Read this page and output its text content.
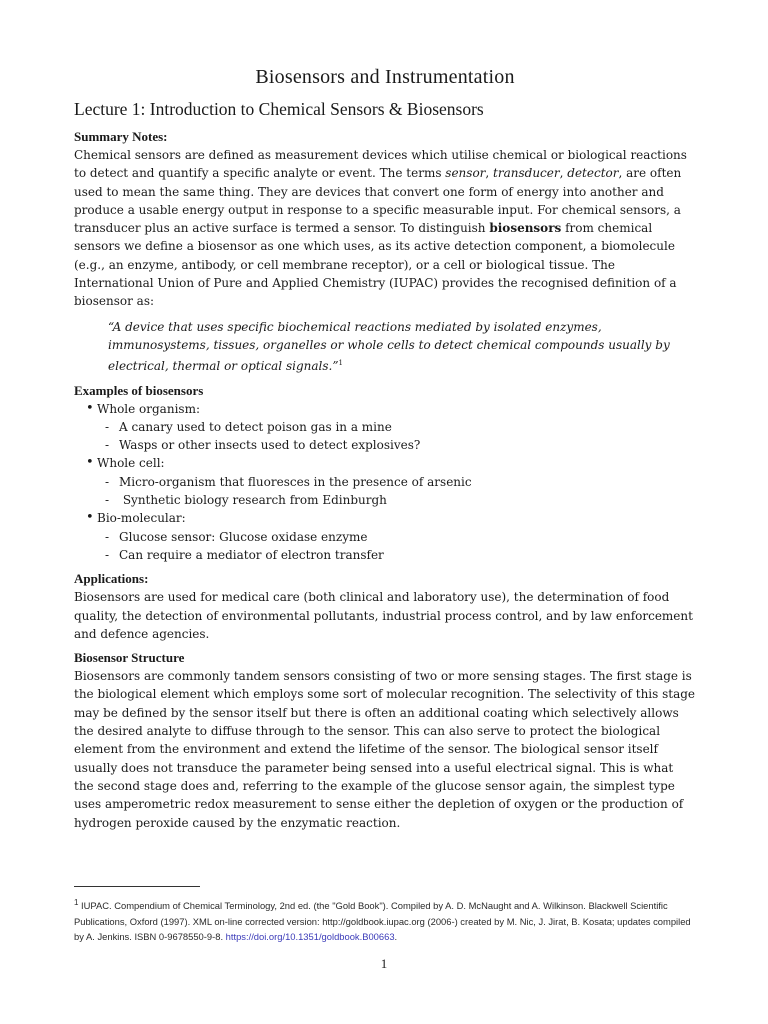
Biosensors and Instrumentation
Lecture 1: Introduction to Chemical Sensors & Biosensors
Summary Notes:

Chemical sensors are defined as measurement devices which utilise chemical or biological reactions to detect and quantify a specific analyte or event. The terms sensor, transducer, detector, are often used to mean the same thing. They are devices that convert one form of energy into another and produce a usable energy output in response to a specific measurable input. For chemical sensors, a transducer plus an active surface is termed a sensor. To distinguish biosensors from chemical sensors we define a biosensor as one which uses, as its active detection component, a biomolecule (e.g., an enzyme, antibody, or cell membrane receptor), or a cell or biological tissue. The International Union of Pure and Applied Chemistry (IUPAC) provides the recognised definition of a biosensor as:

“A device that uses specific biochemical reactions mediated by isolated enzymes, immunosystems, tissues, organelles or whole cells to detect chemical compounds usually by electrical, thermal or optical signals.”$^1$
Examples of biosensors
• Whole organism:
- A canary used to detect poison gas in a mine
- Wasps or other insects used to detect explosives?
• Whole cell:
- Micro-organism that fluoresces in the presence of arsenic
-  Synthetic biology research from Edinburgh
• Bio-molecular:
- Glucose sensor: Glucose oxidase enzyme
- Can require a mediator of electron transfer
Applications:

Biosensors are used for medical care (both clinical and laboratory use), the determination of food quality, the detection of environmental pollutants, industrial process control, and by law enforcement and defence agencies.

Biosensor Structure

Biosensors are commonly tandem sensors consisting of two or more sensing stages. The first stage is the biological element which employs some sort of molecular recognition. The selectivity of this stage may be defined by the sensor itself but there is often an additional coating which selectively allows the desired analyte to diffuse through to the sensor. This can also serve to protect the biological element from the environment and extend the lifetime of the sensor. The biological sensor itself usually does not transduce the parameter being sensed into a useful electrical signal. This is what the second stage does and, referring to the example of the glucose sensor again, the simplest type uses amperometric redox measurement to sense either the depletion of oxygen or the production of hydrogen peroxide caused by the enzymatic reaction.

$^1$ IUPAC. Compendium of Chemical Terminology, 2nd ed. (the "Gold Book"). Compiled by A. D. McNaught and A. Wilkinson. Blackwell Scientific Publications, Oxford (1997). XML on-line corrected version: http://goldbook.iupac.org (2006-) created by M. Nic, J. Jirat, B. Kosata; updates compiled by A. Jenkins. ISBN 0-9678550-9-8. https://doi.org/10.1351/goldbook.B00663.
1
